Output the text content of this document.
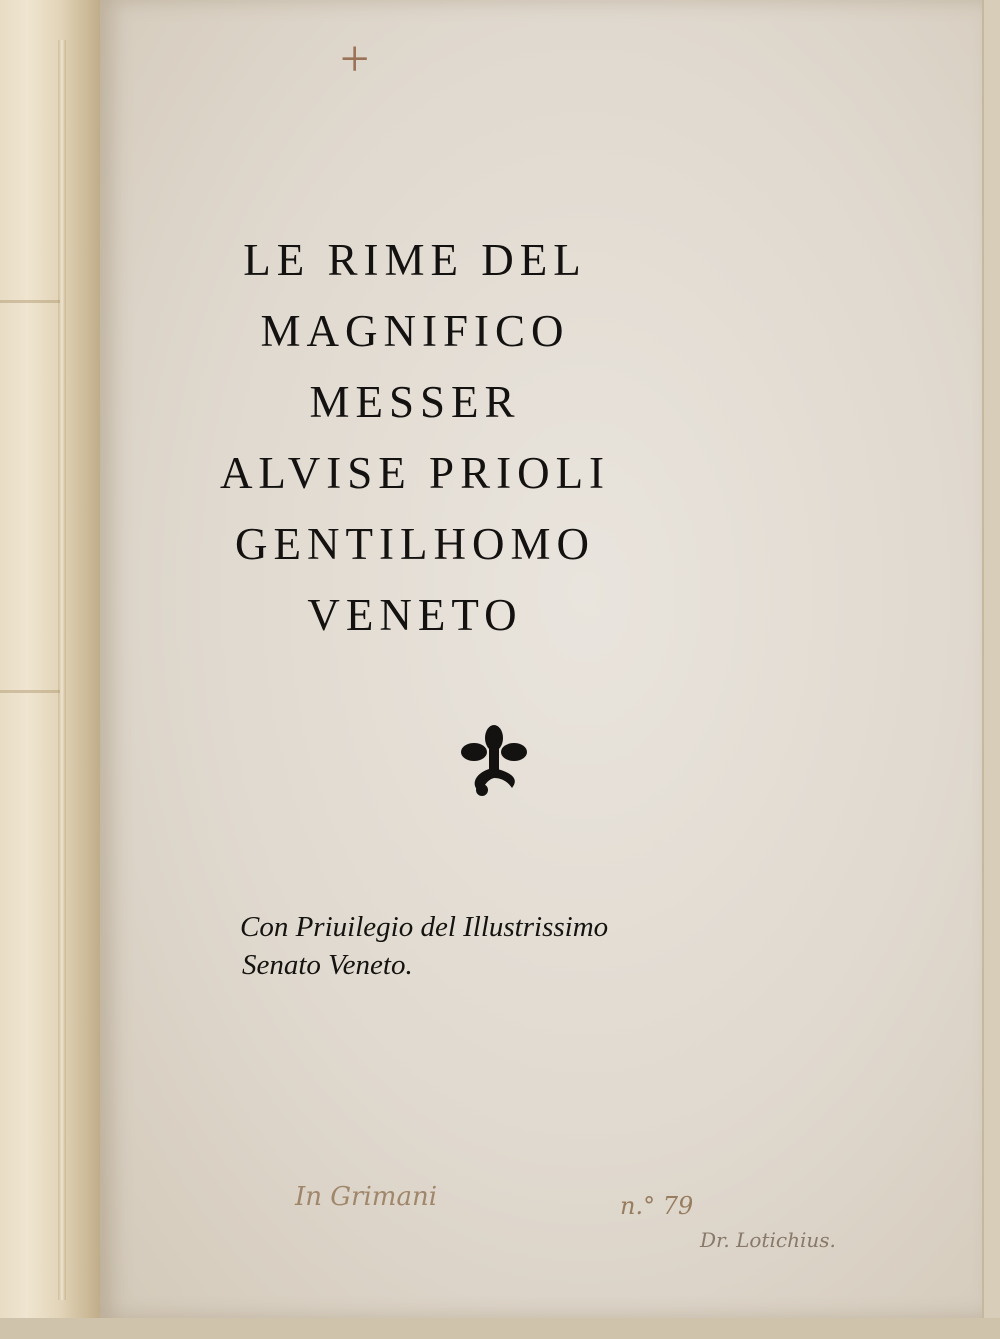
+
LE RIME DEL
MAGNIFICO
MESSER
ALVISE PRIOLI
GENTILHOMO
VENETO
Con Priuilegio del Illustrissimo
Senato Veneto.
In Grimani	n.° 79
Dr. Lotichius.
